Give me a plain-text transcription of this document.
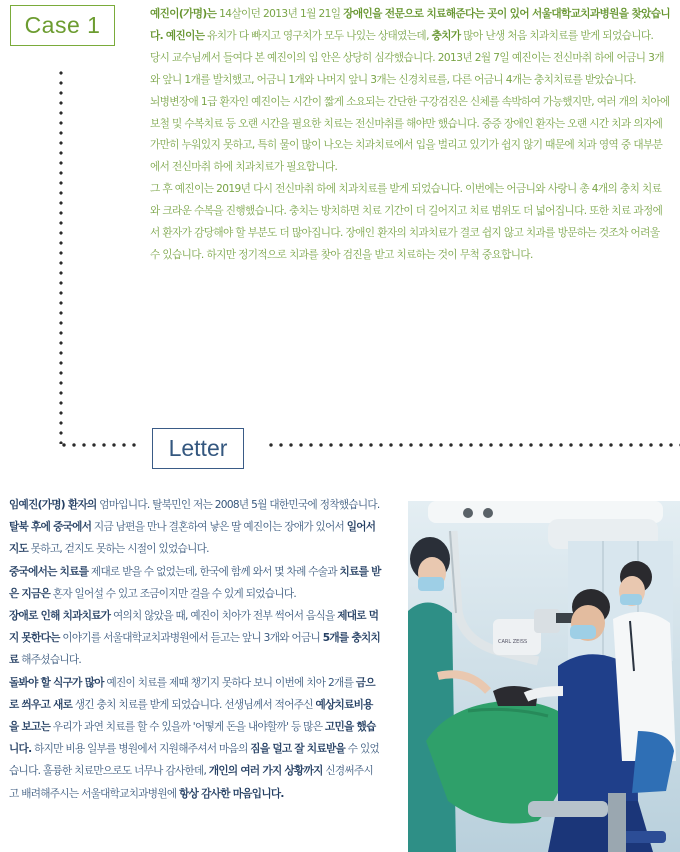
Case 1	예진이(가명)는 14살이던 2013년 1월 21일 장애인을 전문으로 치료해준다는 곳이 있어 서울대학교치과병원을 찾았습니다. 예진이는 유치가 다 빠지고 영구치가 모두 나있는 상태였는데, 충치가 많아 난생 처음 치과치료를 받게 되었습니다.

당시 교수님께서 들여다 본 예진이의 입 안은 상당히 심각했습니다. 2013년 2월 7일 예진이는 전신마취 하에 어금니 3개와 앞니 1개를 발치했고, 어금니 1개와 나머지 앞니 3개는 신경치료를, 다른 어금니 4개는 충치치료를 받았습니다.

뇌병변장애 1급 환자인 예진이는 시간이 짧게 소요되는 간단한 구강검진은 신체를 속박하여 가능했지만, 여러 개의 치아에 보철 및 수복치료 등 오랜 시간을 필요한 치료는 전신마취를 해야만 했습니다. 중증 장애인 환자는 오랜 시간 치과 의자에 가만히 누워있지 못하고, 특히 물이 많이 나오는 치과치료에서 입을 벌리고 있기가 쉽지 않기 때문에 치과 영역 중 대부분에서 전신마취 하에 치과치료가 필요합니다.

그 후 예진이는 2019년 다시 전신마취 하에 치과치료를 받게 되었습니다. 이번에는 어금니와 사랑니 총 4개의 충치 치료와 크라운 수복을 진행했습니다. 충치는 방치하면 치료 기간이 더 길어지고 치료 범위도 더 넓어집니다. 또한 치료 과정에서 환자가 감당해야 할 부분도 더 많아집니다. 장애인 환자의 치과치료가 결코 쉽지 않고 치과를 방문하는 것조차 어려울 수 있습니다. 하지만 정기적으로 치과를 찾아 검진을 받고 치료하는 것이 무척 중요합니다.

Letter

임예진(가명) 환자의 엄마입니다. 탈북민인 저는 2008년 5월 대한민국에 정착했습니다. 탈북 후에 중국에서 지금 남편을 만나 결혼하여 낳은 딸 예진이는 장애가 있어서 일어서지도 못하고, 걷지도 못하는 시절이 있었습니다.

중국에서는 치료를 제대로 받을 수 없었는데, 한국에 함께 와서 몇 차례 수술과 치료를 받은 지금은 혼자 일어설 수 있고 조금이지만 걸을 수 있게 되었습니다.

장애로 인해 치과치료가 여의치 않았을 때, 예진이 치아가 전부 썩어서 음식을 제대로 먹지 못한다는 이야기를 서울대학교치과병원에서 듣고는 앞니 3개와 어금니 5개를 충치치료 해주셨습니다.

돌봐야 할 식구가 많아 예진이 치료를 제때 챙기지 못하다 보니 이번에 치아 2개를 금으로 씌우고 새로 생긴 충치 치료를 받게 되었습니다. 선생님께서 적어주신 예상치료비용을 보고는 우리가 과연 치료를 할 수 있을까 '어떻게 돈을 내야할까' 등 많은 고민을 했습니다. 하지만 비용 일부를 병원에서 지원해주셔서 마음의 짐을 덜고 잘 치료받을 수 있었습니다. 훌륭한 치료만으로도 너무나 감사한데, 개인의 여러 가지 상황까지 신경써주시고 배려해주시는 서울대학교치과병원에 항상 감사한 마음입니다.

CARL ZEISS
